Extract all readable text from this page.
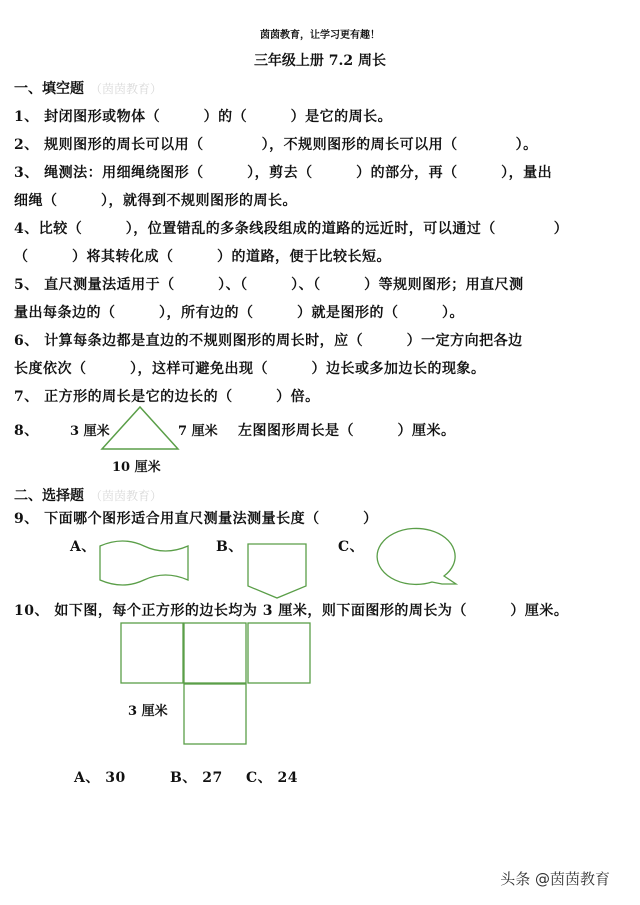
茵茵教育，让学习更有趣！
三年级上册 7.2 周长
一、填空题 （茵茵教育）
1、 封闭图形或物体（　　　）的（　　　）是它的周长。
2、 规则图形的周长可以用（　　　　），不规则图形的周长可以用（　　　　）。
3、 绳测法：用细绳绕图形（　　　），剪去（　　　）的部分，再（　　　），量出
细绳（　　　），就得到不规则图形的周长。
4、比较（　　　），位置错乱的多条线段组成的道路的远近时，可以通过（　　　　）
（　　　）将其转化成（　　　）的道路，便于比较长短。
5、 直尺测量法适用于（　　　）、（　　　）、（　　　）等规则图形；用直尺测
量出每条边的（　　　），所有边的（　　　）就是图形的（　　　）。
6、 计算每条边都是直边的不规则图形的周长时，应（　　　）一定方向把各边
长度依次（　　　），这样可避免出现（　　　）边长或多加边长的现象。
7、 正方形的周长是它的边长的（　　　）倍。
8、 3 厘米	7 厘米 左图图形周长是（　　　）厘米。
10 厘米
二、选择题 （茵茵教育）
9、 下面哪个图形适合用直尺测量法测量长度（　　　）
A、	B、	C、
10、 如下图，每个正方形的边长均为 3 厘米，则下面图形的周长为（　　　）厘米。
3 厘米
A、 30	B、 27 C、 24
头条 @茵茵教育
